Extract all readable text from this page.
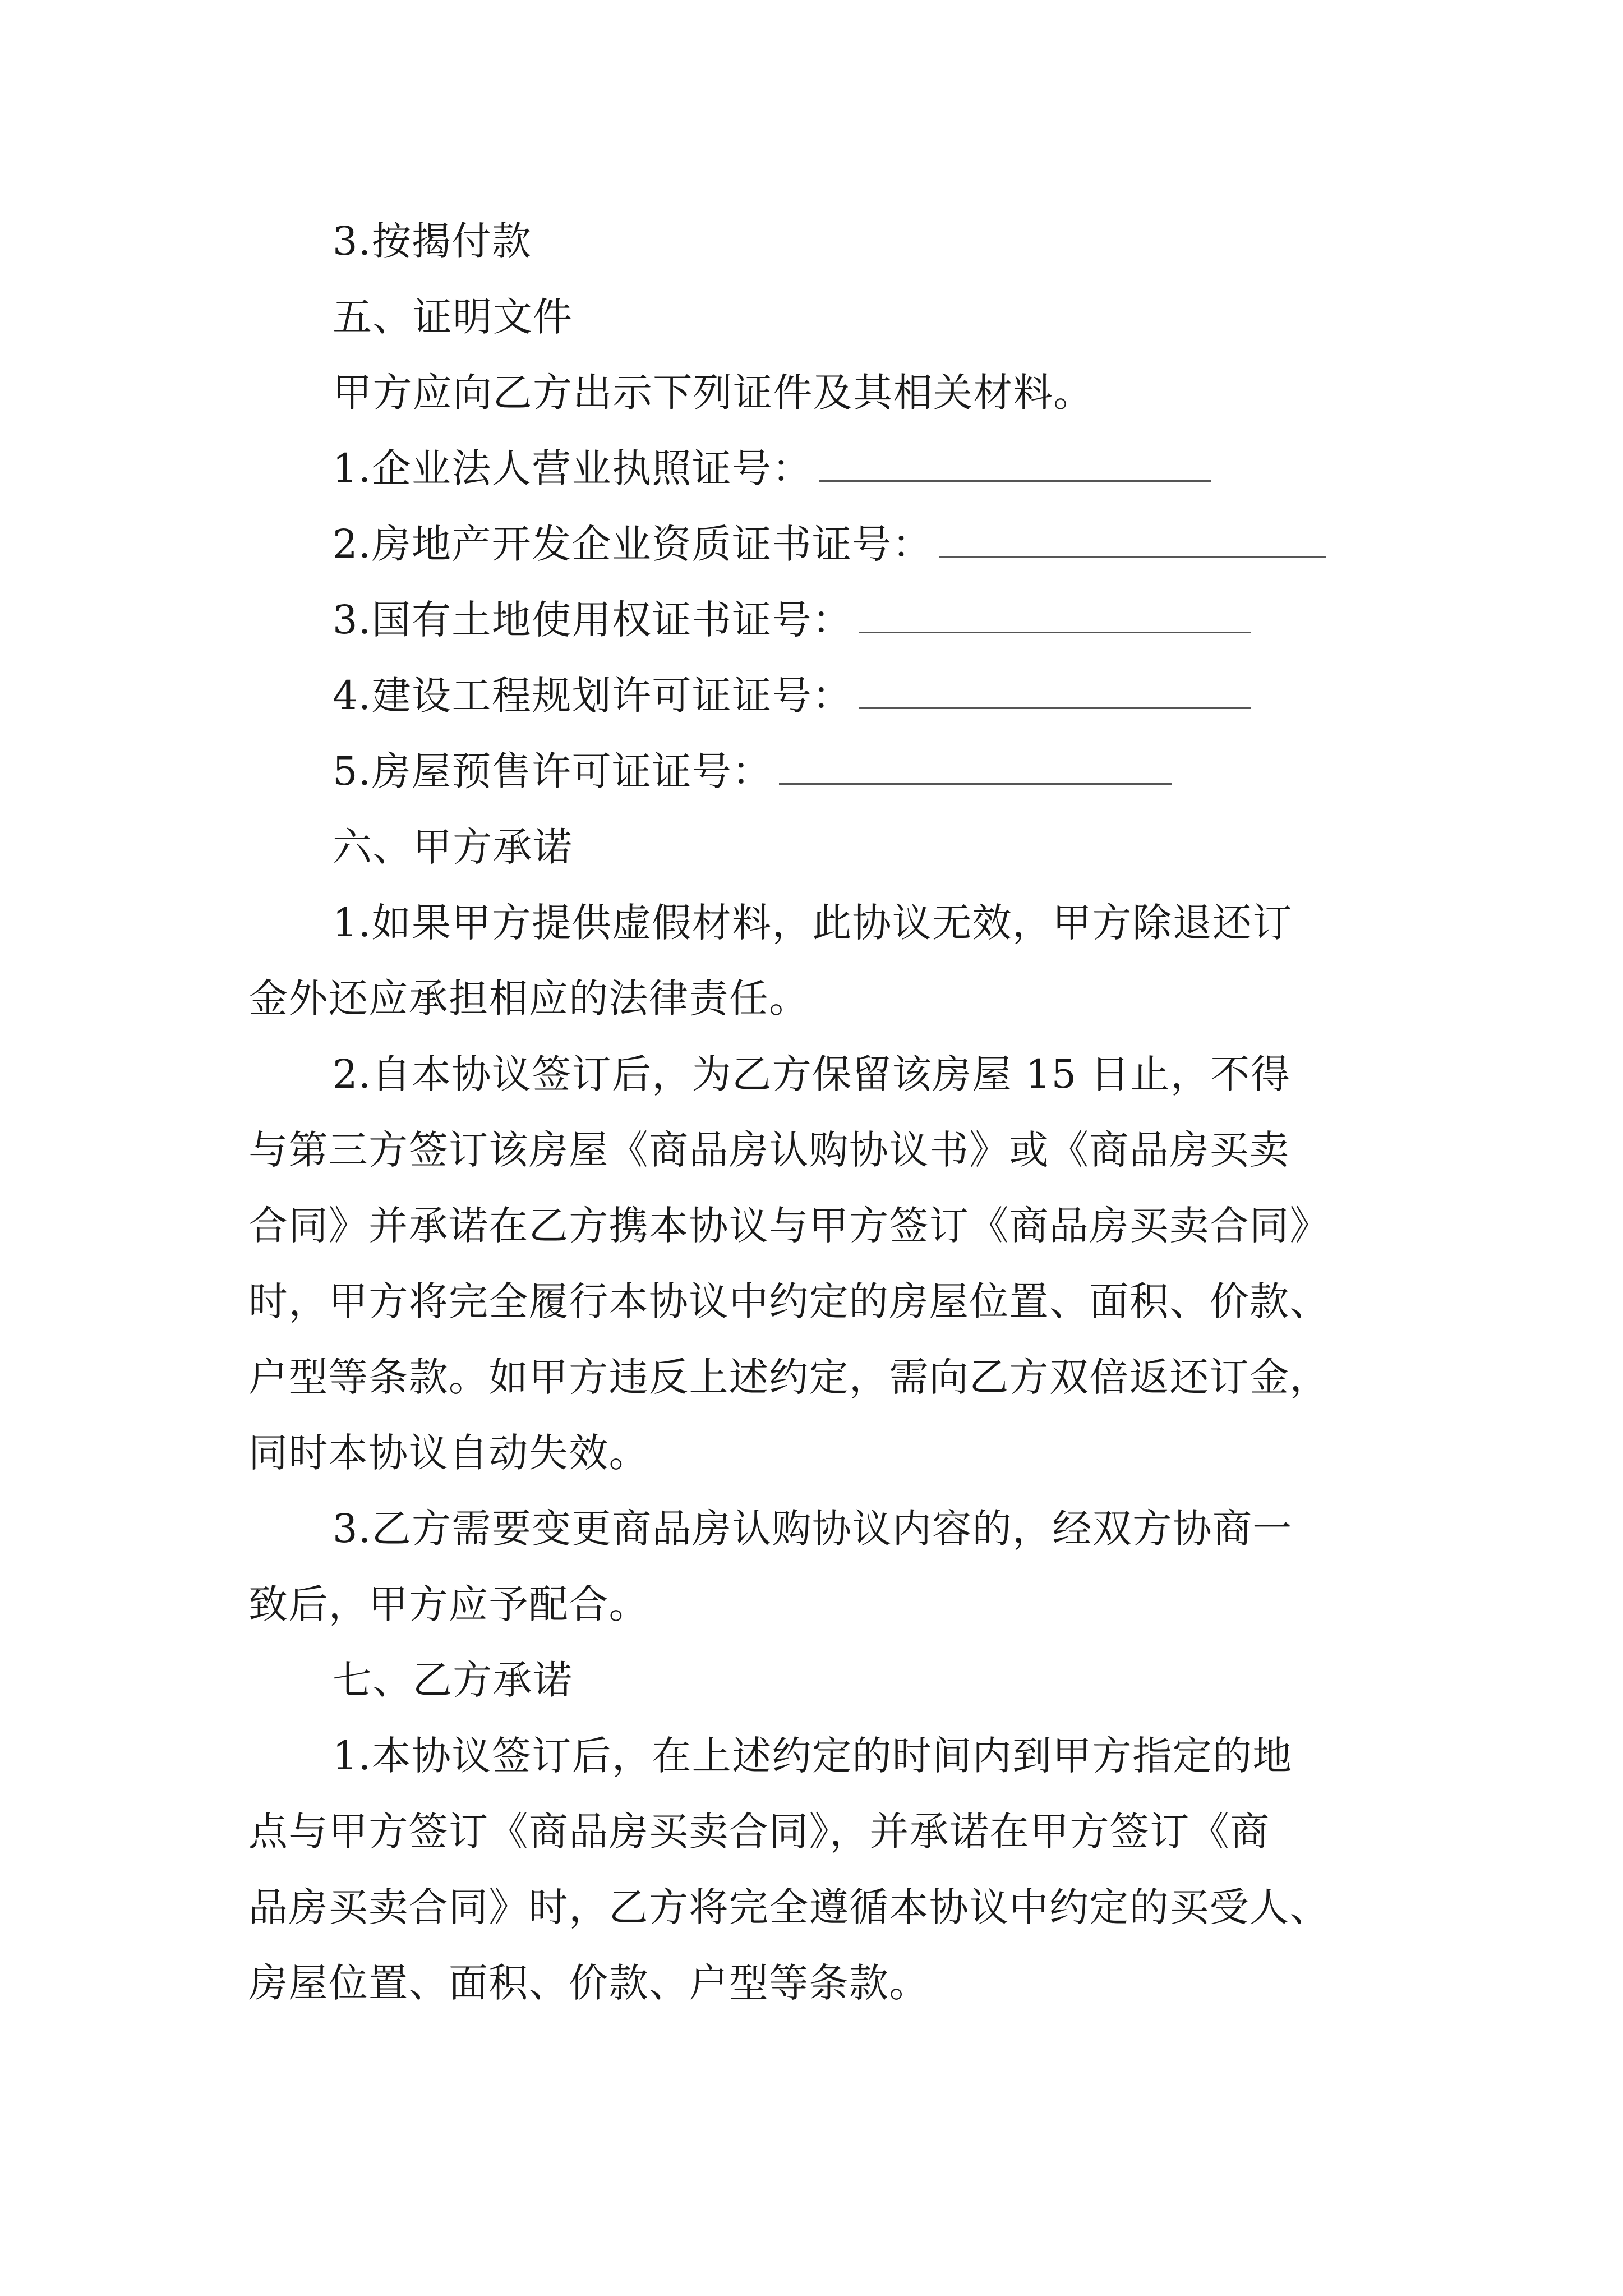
3.按揭付款
五、证明文件
甲方应向乙方出示下列证件及其相关材料。
1.企业法人营业执照证号：
2.房地产开发企业资质证书证号：
3.国有土地使用权证书证号：
4.建设工程规划许可证证号：
5.房屋预售许可证证号：
六、甲方承诺
1.如果甲方提供虚假材料，此协议无效，甲方除退还订
金外还应承担相应的法律责任。
2.自本协议签订后，为乙方保留该房屋 15 日止，不得
与第三方签订该房屋《商品房认购协议书》或《商品房买卖
合同》并承诺在乙方携本协议与甲方签订《商品房买卖合同》
时，甲方将完全履行本协议中约定的房屋位置、面积、价款、
户型等条款。如甲方违反上述约定，需向乙方双倍返还订金，
同时本协议自动失效。
3.乙方需要变更商品房认购协议内容的，经双方协商一
致后，甲方应予配合。
七、乙方承诺
1.本协议签订后，在上述约定的时间内到甲方指定的地
点与甲方签订《商品房买卖合同》，并承诺在甲方签订《商
品房买卖合同》时，乙方将完全遵循本协议中约定的买受人、
房屋位置、面积、价款、户型等条款。
